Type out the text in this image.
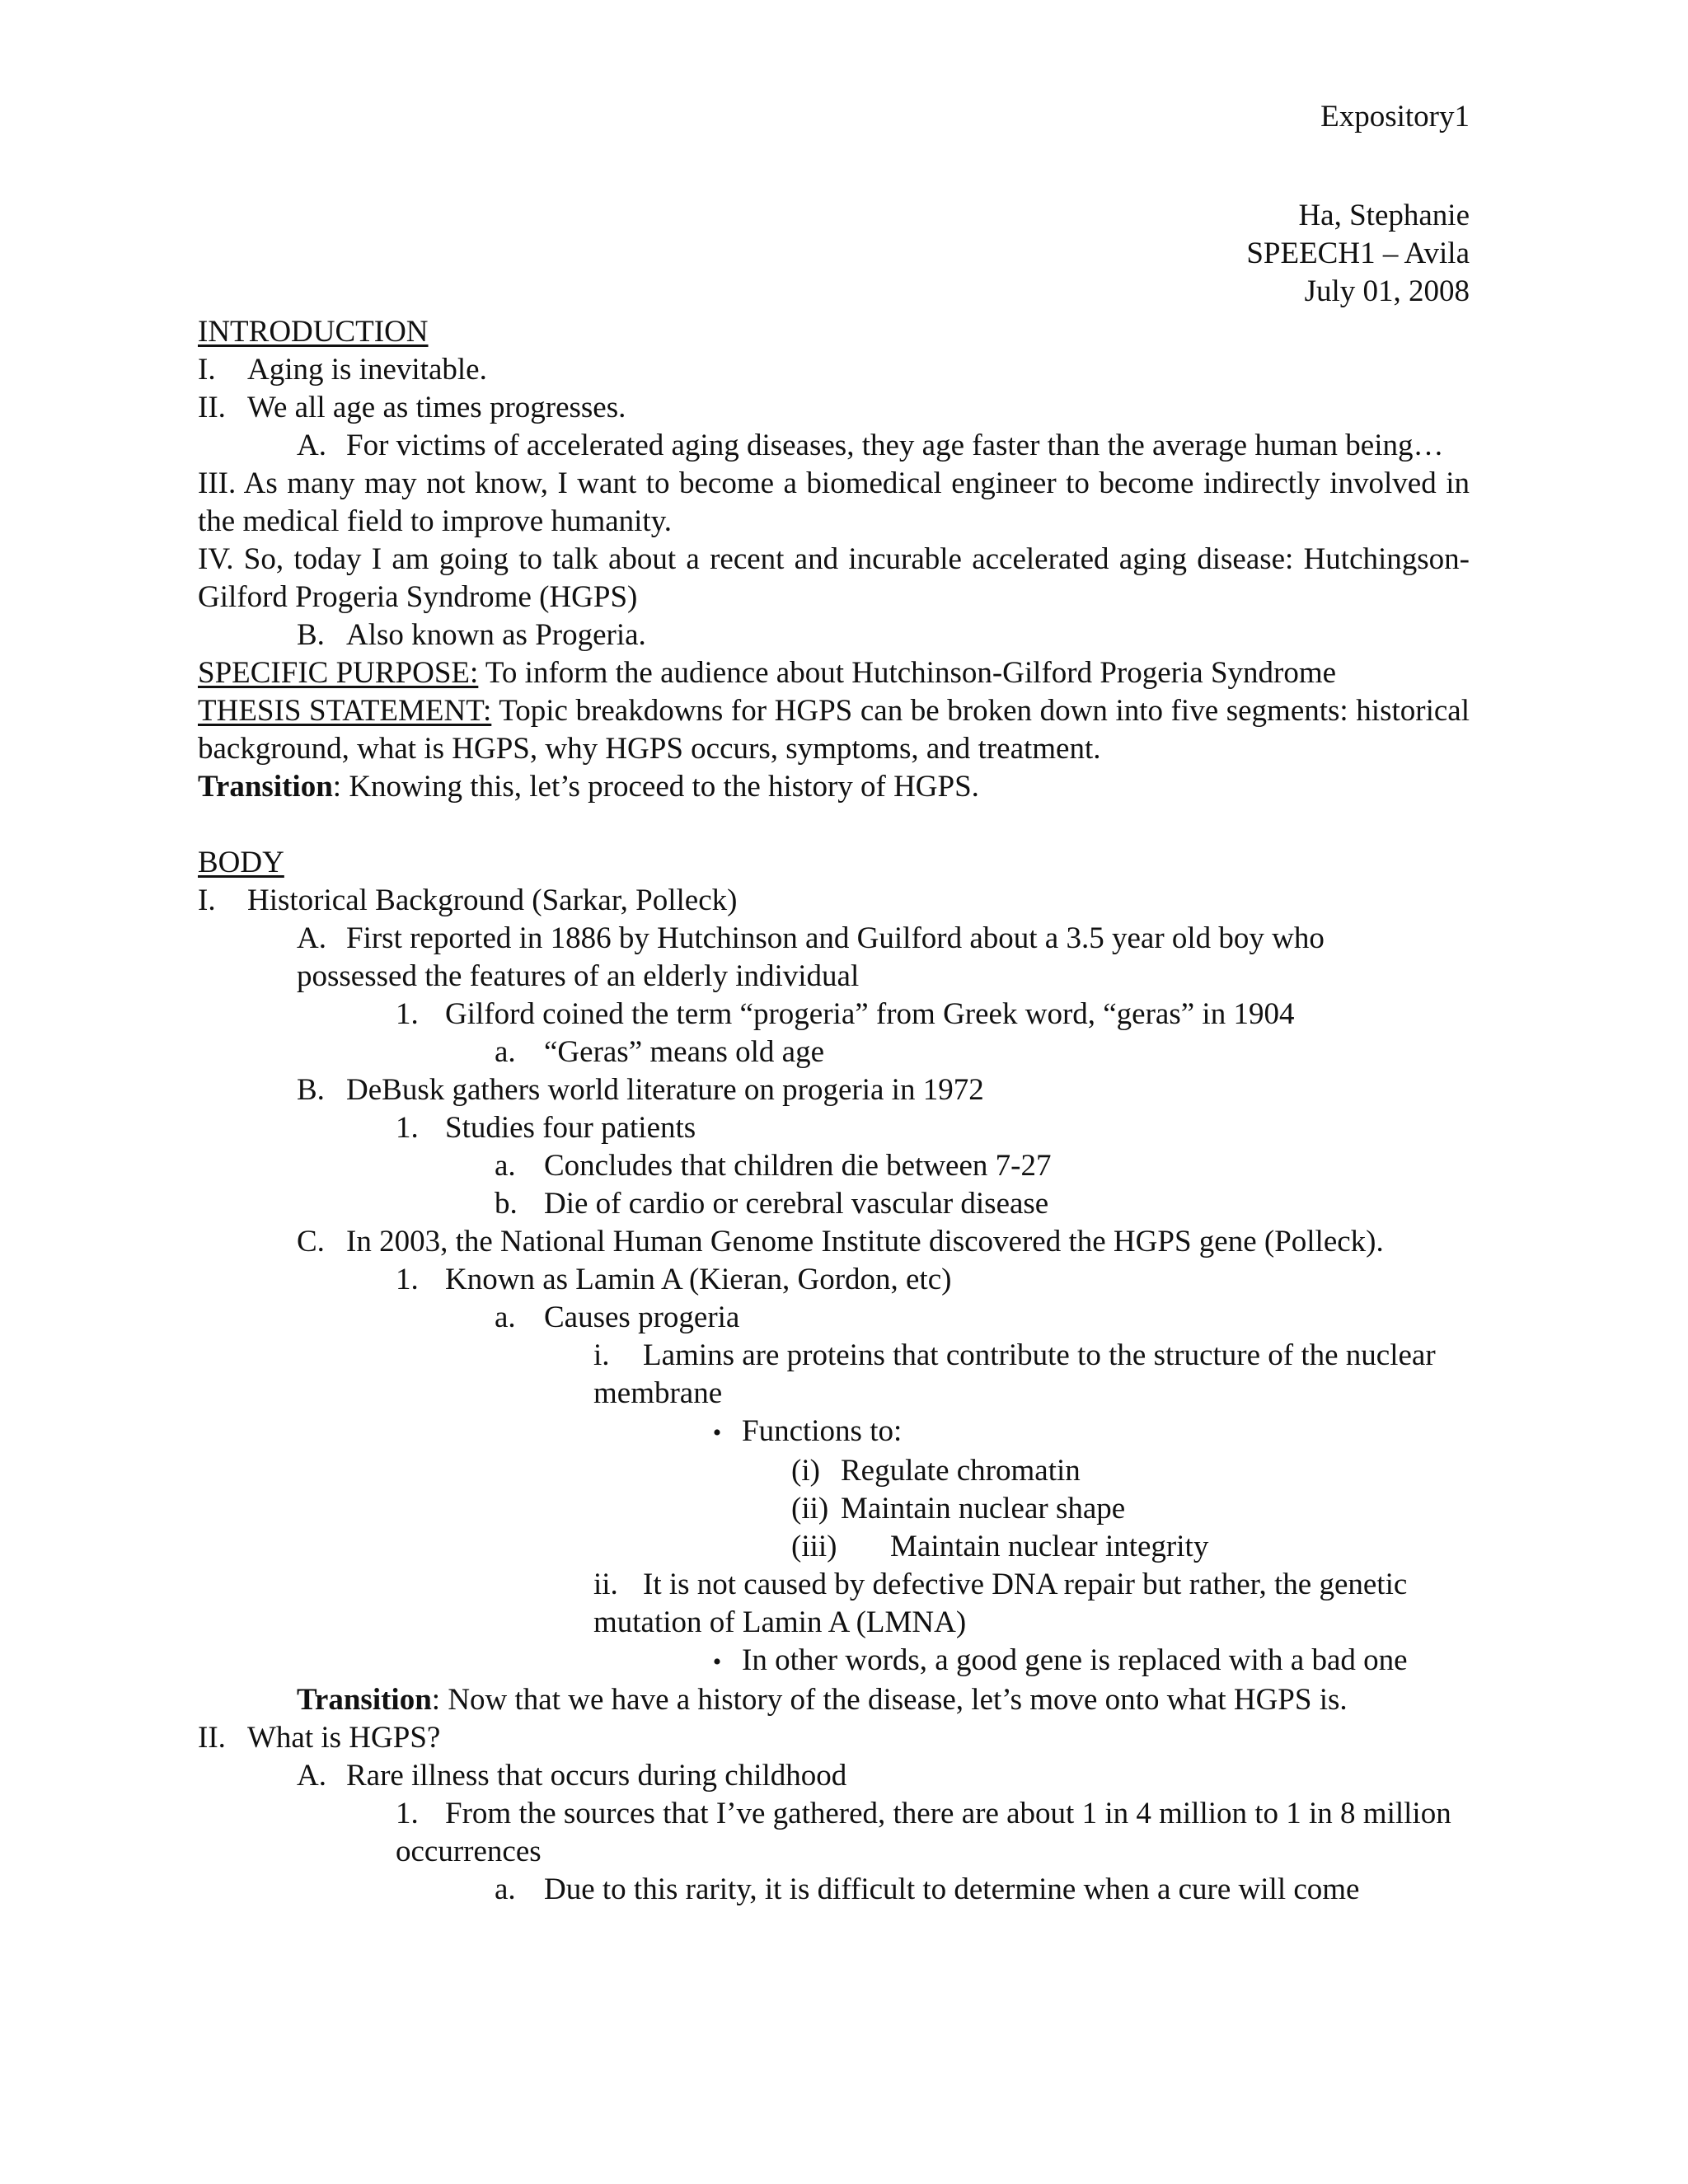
Expository1
Ha, Stephanie
SPEECH1 – Avila
July 01, 2008
INTRODUCTION
I.	Aging is inevitable.
II. We all age as times progresses.
A. For victims of accelerated aging diseases, they age faster than the average human being…
III. As many may not know, I want to become a biomedical engineer to become indirectly involved in the medical field to improve humanity.
IV. So, today I am going to talk about a recent and incurable accelerated aging disease: Hutchingson-Gilford Progeria Syndrome (HGPS)
B. Also known as Progeria.
SPECIFIC PURPOSE: To inform the audience about Hutchinson-Gilford Progeria Syndrome
THESIS STATEMENT: Topic breakdowns for HGPS can be broken down into five segments: historical background, what is HGPS, why HGPS occurs, symptoms, and treatment.
Transition: Knowing this, let’s proceed to the history of HGPS.
BODY
I.	Historical Background (Sarkar, Polleck)
A. First reported in 1886 by Hutchinson and Guilford about a 3.5 year old boy who possessed the features of an elderly individual
1. Gilford coined the term “progeria” from Greek word, “geras” in 1904
a. “Geras” means old age
B. DeBusk gathers world literature on progeria in 1972
1. Studies four patients
a. Concludes that children die between 7-27
b. Die of cardio or cerebral vascular disease
C. In 2003, the National Human Genome Institute discovered the HGPS gene (Polleck).
1. Known as Lamin A (Kieran, Gordon, etc)
a. Causes progeria
i.	Lamins are proteins that contribute to the structure of the nuclear membrane
• Functions to:
(i) Regulate chromatin
(ii) Maintain nuclear shape
(iii)	Maintain nuclear integrity
ii. It is not caused by defective DNA repair but rather, the genetic mutation of Lamin A (LMNA)
• In other words, a good gene is replaced with a bad one
Transition: Now that we have a history of the disease, let’s move onto what HGPS is.
II. What is HGPS?
A. Rare illness that occurs during childhood
1. From the sources that I’ve gathered, there are about 1 in 4 million to 1 in 8 million occurrences
a. Due to this rarity, it is difficult to determine when a cure will come
